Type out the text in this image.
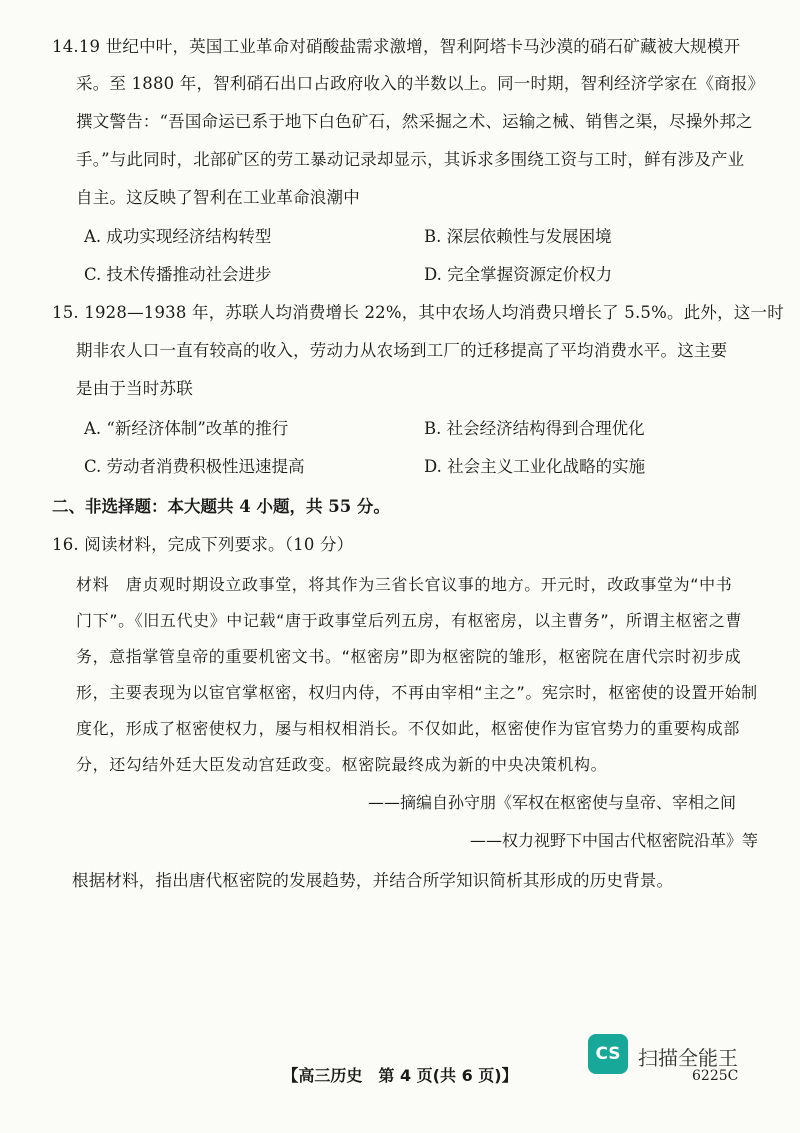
14.19 世纪中叶，英国工业革命对硝酸盐需求激增，智利阿塔卡马沙漠的硝石矿藏被大规模开
采。至 1880 年，智利硝石出口占政府收入的半数以上。同一时期，智利经济学家在《商报》
撰文警告：“吾国命运已系于地下白色矿石，然采掘之术、运输之械、销售之渠，尽操外邦之
手。”与此同时，北部矿区的劳工暴动记录却显示，其诉求多围绕工资与工时，鲜有涉及产业
自主。这反映了智利在工业革命浪潮中
A. 成功实现经济结构转型	B. 深层依赖性与发展困境
C. 技术传播推动社会进步	D. 完全掌握资源定价权力
15. 1928—1938 年，苏联人均消费增长 22%，其中农场人均消费只增长了 5.5%。此外，这一时
期非农人口一直有较高的收入，劳动力从农场到工厂的迁移提高了平均消费水平。这主要
是由于当时苏联
A. “新经济体制”改革的推行	B. 社会经济结构得到合理优化
C. 劳动者消费积极性迅速提高	D. 社会主义工业化战略的实施
二、非选择题：本大题共 4 小题，共 55 分。
16. 阅读材料，完成下列要求。（10 分）
材料　唐贞观时期设立政事堂，将其作为三省长官议事的地方。开元时，改政事堂为“中书
门下”。《旧五代史》中记载“唐于政事堂后列五房，有枢密房，以主曹务”，所谓主枢密之曹
务，意指掌管皇帝的重要机密文书。“枢密房”即为枢密院的雏形，枢密院在唐代宗时初步成
形，主要表现为以宦官掌枢密，权归内侍，不再由宰相“主之”。宪宗时，枢密使的设置开始制
度化，形成了枢密使权力，屡与相权相消长。不仅如此，枢密使作为宦官势力的重要构成部
分，还勾结外廷大臣发动宫廷政变。枢密院最终成为新的中央决策机构。
——摘编自孙守朋《军权在枢密使与皇帝、宰相之间
——权力视野下中国古代枢密院沿革》等
根据材料，指出唐代枢密院的发展趋势，并结合所学知识简析其形成的历史背景。
【高三历史　第 4 页(共 6 页)】
CS 扫描全能王
6225C
